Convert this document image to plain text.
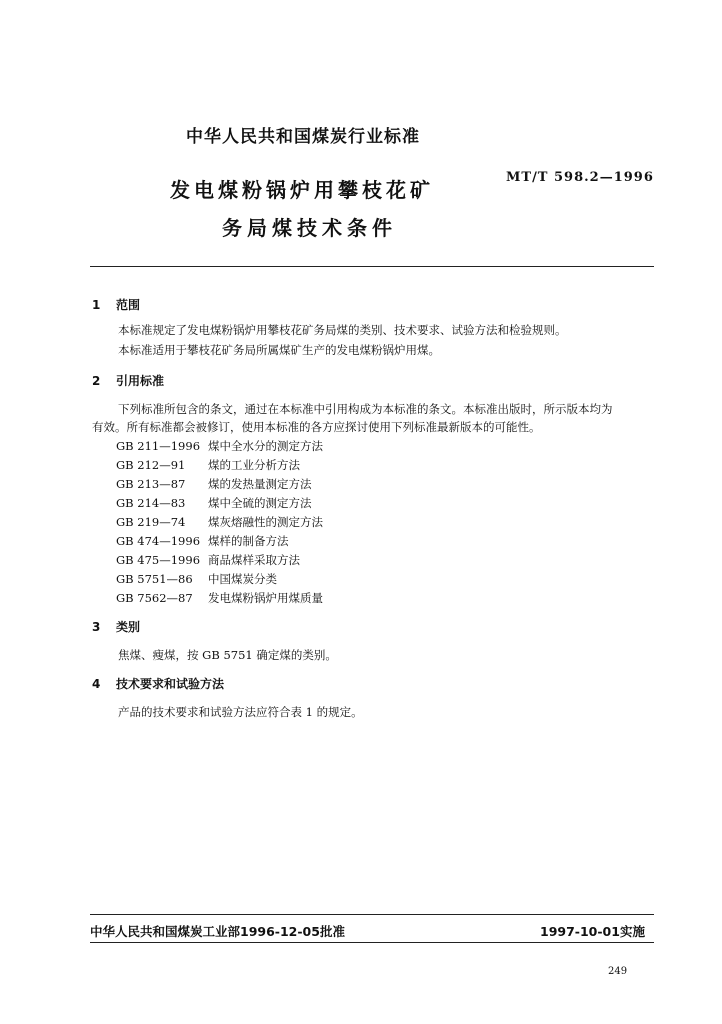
中华人民共和国煤炭行业标准
发电煤粉锅炉用攀枝花矿
务局煤技术条件
MT/T 598.2—1996
1 范围
本标准规定了发电煤粉锅炉用攀枝花矿务局煤的类别、技术要求、试验方法和检验规则。
本标准适用于攀枝花矿务局所属煤矿生产的发电煤粉锅炉用煤。
2 引用标准
下列标准所包含的条文，通过在本标准中引用构成为本标准的条文。本标准出版时，所示版本均为
有效。所有标准都会被修订，使用本标准的各方应探讨使用下列标准最新版本的可能性。
GB 211—1996 煤中全水分的测定方法
GB 212—91 煤的工业分析方法
GB 213—87 煤的发热量测定方法
GB 214—83 煤中全硫的测定方法
GB 219—74 煤灰熔融性的测定方法
GB 474—1996 煤样的制备方法
GB 475—1996 商品煤样采取方法
GB 5751—86 中国煤炭分类
GB 7562—87 发电煤粉锅炉用煤质量
3 类别
焦煤、瘦煤，按 GB 5751 确定煤的类别。
4 技术要求和试验方法
产品的技术要求和试验方法应符合表 1 的规定。
中华人民共和国煤炭工业部1996-12-05批准	1997-10-01实施
249
